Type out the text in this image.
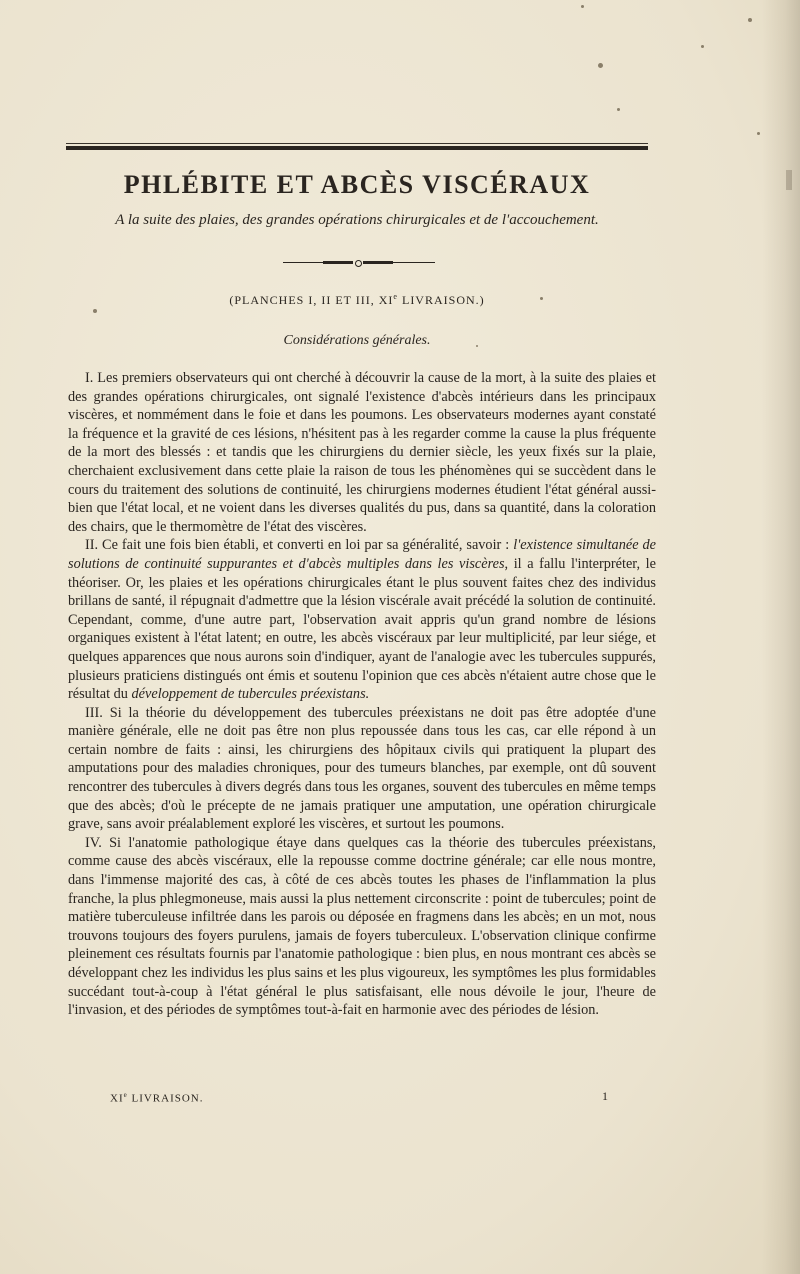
PHLÉBITE ET ABCÈS VISCÉRAUX
A la suite des plaies, des grandes opérations chirurgicales et de l'accouchement.
(PLANCHES I, II ET III, XIe LIVRAISON.)
Considérations générales.

I. Les premiers observateurs qui ont cherché à découvrir la cause de la mort, à la suite des plaies et des grandes opérations chirurgicales, ont signalé l'existence d'abcès intérieurs dans les principaux viscères, et nommément dans le foie et dans les poumons. Les observateurs modernes ayant constaté la fréquence et la gravité de ces lésions, n'hésitent pas à les regarder comme la cause la plus fréquente de la mort des blessés : et tandis que les chirurgiens du dernier siècle, les yeux fixés sur la plaie, cherchaient exclusivement dans cette plaie la raison de tous les phénomènes qui se succèdent dans le cours du traitement des solutions de continuité, les chirurgiens modernes étudient l'état général aussi-bien que l'état local, et ne voient dans les diverses qualités du pus, dans sa quantité, dans la coloration des chairs, que le thermomètre de l'état des viscères.

II. Ce fait une fois bien établi, et converti en loi par sa généralité, savoir : l'existence simultanée de solutions de continuité suppurantes et d'abcès multiples dans les viscères, il a fallu l'interpréter, le théoriser. Or, les plaies et les opérations chirurgicales étant le plus souvent faites chez des individus brillans de santé, il répugnait d'admettre que la lésion viscérale avait précédé la solution de continuité. Cependant, comme, d'une autre part, l'observation avait appris qu'un grand nombre de lésions organiques existent à l'état latent; en outre, les abcès viscéraux par leur multiplicité, par leur siége, et quelques apparences que nous aurons soin d'indiquer, ayant de l'analogie avec les tubercules suppurés, plusieurs praticiens distingués ont émis et soutenu l'opinion que ces abcès n'étaient autre chose que le résultat du développement de tubercules préexistans.

III. Si la théorie du développement des tubercules préexistans ne doit pas être adoptée d'une manière générale, elle ne doit pas être non plus repoussée dans tous les cas, car elle répond à un certain nombre de faits : ainsi, les chirurgiens des hôpitaux civils qui pratiquent la plupart des amputations pour des maladies chroniques, pour des tumeurs blanches, par exemple, ont dû souvent rencontrer des tubercules à divers degrés dans tous les organes, souvent des tubercules en même temps que des abcès; d'où le précepte de ne jamais pratiquer une amputation, une opération chirurgicale grave, sans avoir préalablement exploré les viscères, et surtout les poumons.

IV. Si l'anatomie pathologique étaye dans quelques cas la théorie des tubercules préexistans, comme cause des abcès viscéraux, elle la repousse comme doctrine générale; car elle nous montre, dans l'immense majorité des cas, à côté de ces abcès toutes les phases de l'inflammation la plus franche, la plus phlegmoneuse, mais aussi la plus nettement circonscrite : point de tubercules; point de matière tuberculeuse infiltrée dans les parois ou déposée en fragmens dans les abcès; en un mot, nous trouvons toujours des foyers purulens, jamais de foyers tuberculeux. L'observation clinique confirme pleinement ces résultats fournis par l'anatomie pathologique : bien plus, en nous montrant ces abcès se développant chez les individus les plus sains et les plus vigoureux, les symptômes les plus formidables succédant tout-à-coup à l'état général le plus satisfaisant, elle nous dévoile le jour, l'heure de l'invasion, et des périodes de symptômes tout-à-fait en harmonie avec des périodes de lésion.

XIe LIVRAISON.	1
